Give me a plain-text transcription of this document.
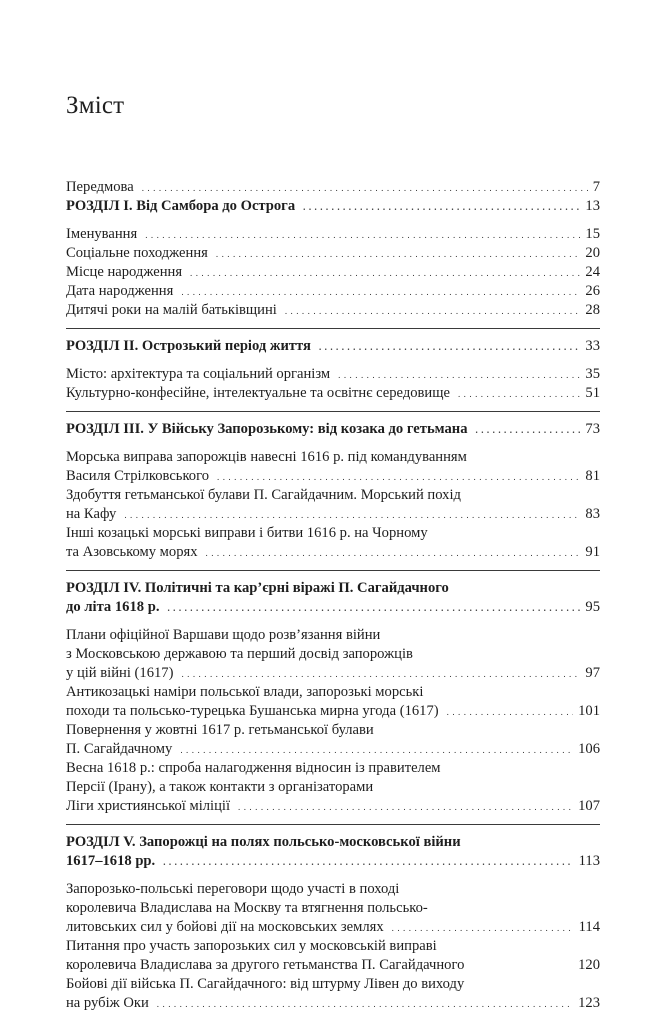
Зміст
Передмова	7
. . .
РОЗДІЛ І. Від Самбора до Острога	13
. . .
Іменування	15
. . .
Соціальне походження	20
. . .
Місце народження	24
. . .
Дата народження	26
. . .
Дитячі роки на малій батьківщині	28
. . .
РОЗДІЛ ІІ. Острозький період життя	33
. . .
Місто: архітектура та соціальний організм	35
. . .
Культурно-конфесійне, інтелектуальне та освітнє середовище	51
. . .
РОЗДІЛ ІІІ. У Війську Запорозькому: від козака до гетьмана	73
. . .
Морська виправа запорожців навесні 1616 р. під командуванням
Василя Стрілковського	81
. . .
Здобуття гетьманської булави П. Сагайдачним. Морський похід
на Кафу	83
. . .
Інші козацькі морські виправи і битви 1616 р. на Чорному
та Азовському морях	91
. . .
РОЗДІЛ IV. Політичні та кар’єрні віражі П. Сагайдачного
до літа 1618 р.	95
. . .
Плани офіційної Варшави щодо розв’язання війни
з Московською державою та перший досвід запорожців
у цій війні (1617)	97
. . .
Антикозацькі наміри польської влади, запорозькі морські
походи та польсько-турецька Бушанська мирна угода (1617)	101
. . .
Повернення у жовтні 1617 р. гетьманської булави
П. Сагайдачному	106
. . .
Весна 1618 р.: спроба налагодження відносин із правителем
Персії (Ірану), а також контакти з організаторами
Ліги християнської міліції	107
. . .
РОЗДІЛ V. Запорожці на полях польсько-московської війни
1617–1618 рр.	113
. . .
Запорозько-польські переговори щодо участі в поході
королевича Владислава на Москву та втягнення польсько-
литовських сил у бойові дії на московських землях	114
. . .
Питання про участь запорозьких сил у московській виправі
королевича Владислава за другого гетьманства П. Сагайдачного	120
Бойові дії війська П. Сагайдачного: від штурму Лівен до виходу
на рубіж Оки	123
. . .
